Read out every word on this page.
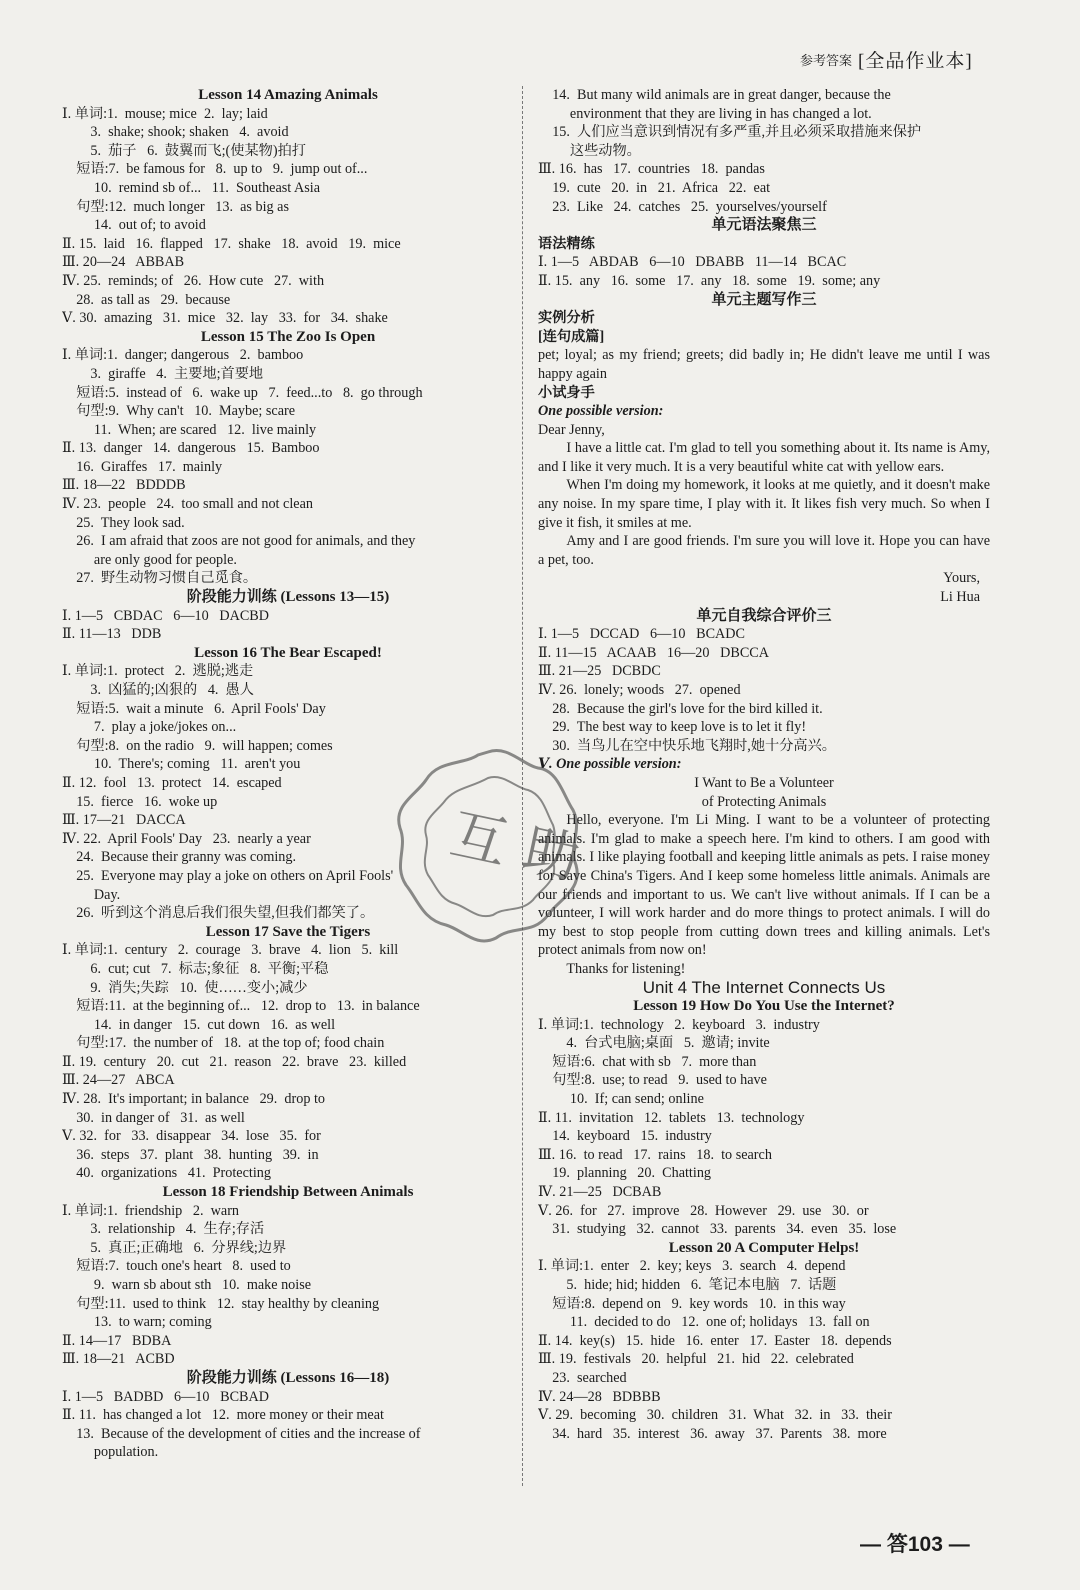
参考答案 [全品作业本]
Lesson 14 Amazing Animals
Ⅰ. 单词:1.  mouse; mice  2.  lay; laid
3.  shake; shook; shaken   4.  avoid
5.  茄子   6.  鼓翼而飞;(使某物)拍打
短语:7.  be famous for   8.  up to   9.  jump out of...
10.  remind sb of...   11.  Southeast Asia
句型:12.  much longer   13.  as big as
14.  out of; to avoid
Ⅱ. 15.  laid   16.  flapped   17.  shake   18.  avoid   19.  mice
Ⅲ. 20—24   ABBAB
Ⅳ. 25.  reminds; of   26.  How cute   27.  with
28.  as tall as   29.  because
Ⅴ. 30.  amazing   31.  mice   32.  lay   33.  for   34.  shake
Lesson 15 The Zoo Is Open
Ⅰ. 单词:1.  danger; dangerous   2.  bamboo
3.  giraffe   4.  主要地;首要地
短语:5.  instead of   6.  wake up   7.  feed...to   8.  go through
句型:9.  Why can't   10.  Maybe; scare
11.  When; are scared   12.  live mainly
Ⅱ. 13.  danger   14.  dangerous   15.  Bamboo
16.  Giraffes   17.  mainly
Ⅲ. 18—22   BDDDB
Ⅳ. 23.  people   24.  too small and not clean
25.  They look sad.
26.  I am afraid that zoos are not good for animals, and they
are only good for people.
27.  野生动物习惯自己觅食。
阶段能力训练 (Lessons 13—15)
Ⅰ. 1—5   CBDAC   6—10   DACBD
Ⅱ. 11—13   DDB
Lesson 16 The Bear Escaped!
Ⅰ. 单词:1.  protect   2.  逃脱;逃走
3.  凶猛的;凶狠的   4.  愚人
短语:5.  wait a minute   6.  April Fools' Day
7.  play a joke/jokes on...
句型:8.  on the radio   9.  will happen; comes
10.  There's; coming   11.  aren't you
Ⅱ. 12.  fool   13.  protect   14.  escaped
15.  fierce   16.  woke up
Ⅲ. 17—21   DACCA
Ⅳ. 22.  April Fools' Day   23.  nearly a year
24.  Because their granny was coming.
25.  Everyone may play a joke on others on April Fools'
Day.
26.  听到这个消息后我们很失望,但我们都笑了。
Lesson 17 Save the Tigers
Ⅰ. 单词:1.  century   2.  courage   3.  brave   4.  lion   5.  kill
6.  cut; cut   7.  标志;象征   8.  平衡;平稳
9.  消失;失踪   10.  使……变小;减少
短语:11.  at the beginning of...   12.  drop to   13.  in balance
14.  in danger   15.  cut down   16.  as well
句型:17.  the number of   18.  at the top of; food chain
Ⅱ. 19.  century   20.  cut   21.  reason   22.  brave   23.  killed
Ⅲ. 24—27   ABCA
Ⅳ. 28.  It's important; in balance   29.  drop to
30.  in danger of   31.  as well
Ⅴ. 32.  for   33.  disappear   34.  lose   35.  for
36.  steps   37.  plant   38.  hunting   39.  in
40.  organizations   41.  Protecting
Lesson 18 Friendship Between Animals
Ⅰ. 单词:1.  friendship   2.  warn
3.  relationship   4.  生存;存活
5.  真正;正确地   6.  分界线;边界
短语:7.  touch one's heart   8.  used to
9.  warn sb about sth   10.  make noise
句型:11.  used to think   12.  stay healthy by cleaning
13.  to warn; coming
Ⅱ. 14—17   BDBA
Ⅲ. 18—21   ACBD
阶段能力训练 (Lessons 16—18)
Ⅰ. 1—5   BADBD   6—10   BCBAD
Ⅱ. 11.  has changed a lot   12.  more money or their meat
13.  Because of the development of cities and the increase of
population.
14.  But many wild animals are in great danger, because the
environment that they are living in has changed a lot.
15.  人们应当意识到情况有多严重,并且必须采取措施来保护
这些动物。
Ⅲ. 16.  has   17.  countries   18.  pandas
19.  cute   20.  in   21.  Africa   22.  eat
23.  Like   24.  catches   25.  yourselves/yourself
单元语法聚焦三
语法精练
Ⅰ. 1—5   ABDAB   6—10   DBABB   11—14   BCAC
Ⅱ. 15.  any   16.  some   17.  any   18.  some   19.  some; any
单元主题写作三
实例分析
[连句成篇]
pet; loyal; as my friend; greets; did badly in; He didn't leave me until I was happy again
小试身手
One possible version:
Dear Jenny,
I have a little cat. I'm glad to tell you something about it. Its name is Amy, and I like it very much. It is a very beautiful white cat with yellow ears.
When I'm doing my homework, it looks at me quietly, and it doesn't make any noise. In my spare time, I play with it. It likes fish very much. So when I give it fish, it smiles at me.
Amy and I are good friends. I'm sure you will love it. Hope you can have a pet, too.
Yours,
Li Hua
单元自我综合评价三
Ⅰ. 1—5   DCCAD   6—10   BCADC
Ⅱ. 11—15   ACAAB   16—20   DBCCA
Ⅲ. 21—25   DCBDC
Ⅳ. 26.  lonely; woods   27.  opened
28.  Because the girl's love for the bird killed it.
29.  The best way to keep love is to let it fly!
30.  当鸟儿在空中快乐地飞翔时,她十分高兴。
Ⅴ. One possible version:
I Want to Be a Volunteer
of Protecting Animals
Hello, everyone. I'm Li Ming. I want to be a volunteer of protecting animals. I'm glad to make a speech here. I'm kind to others. I am good with animals. I like playing football and keeping little animals as pets. I raise money for Save China's Tigers. And I keep some homeless little animals. Animals are our friends and important to us. We can't live without animals. If I can be a volunteer, I will work harder and do more things to protect animals. I will do my best to stop people from cutting down trees and killing animals. Let's protect animals from now on!
Thanks for listening!
Unit 4 The Internet Connects Us
Lesson 19 How Do You Use the Internet?
Ⅰ. 单词:1.  technology   2.  keyboard   3.  industry
4.  台式电脑;桌面   5.  邀请; invite
短语:6.  chat with sb   7.  more than
句型:8.  use; to read   9.  used to have
10.  If; can send; online
Ⅱ. 11.  invitation   12.  tablets   13.  technology
14.  keyboard   15.  industry
Ⅲ. 16.  to read   17.  rains   18.  to search
19.  planning   20.  Chatting
Ⅳ. 21—25   DCBAB
Ⅴ. 26.  for   27.  improve   28.  However   29.  use   30.  or
31.  studying   32.  cannot   33.  parents   34.  even   35.  lose
Lesson 20 A Computer Helps!
Ⅰ. 单词:1.  enter   2.  key; keys   3.  search   4.  depend
5.  hide; hid; hidden   6.  笔记本电脑   7.  话题
短语:8.  depend on   9.  key words   10.  in this way
11.  decided to do   12.  one of; holidays   13.  fall on
Ⅱ. 14.  key(s)   15.  hide   16.  enter   17.  Easter   18.  depends
Ⅲ. 19.  festivals   20.  helpful   21.  hid   22.  celebrated
23.  searched
Ⅳ. 24—28   BDBBB
Ⅴ. 29.  becoming   30.  children   31.  What   32.  in   33.  their
34.  hard   35.  interest   36.  away   37.  Parents   38.  more
互 助
— 答103 —
